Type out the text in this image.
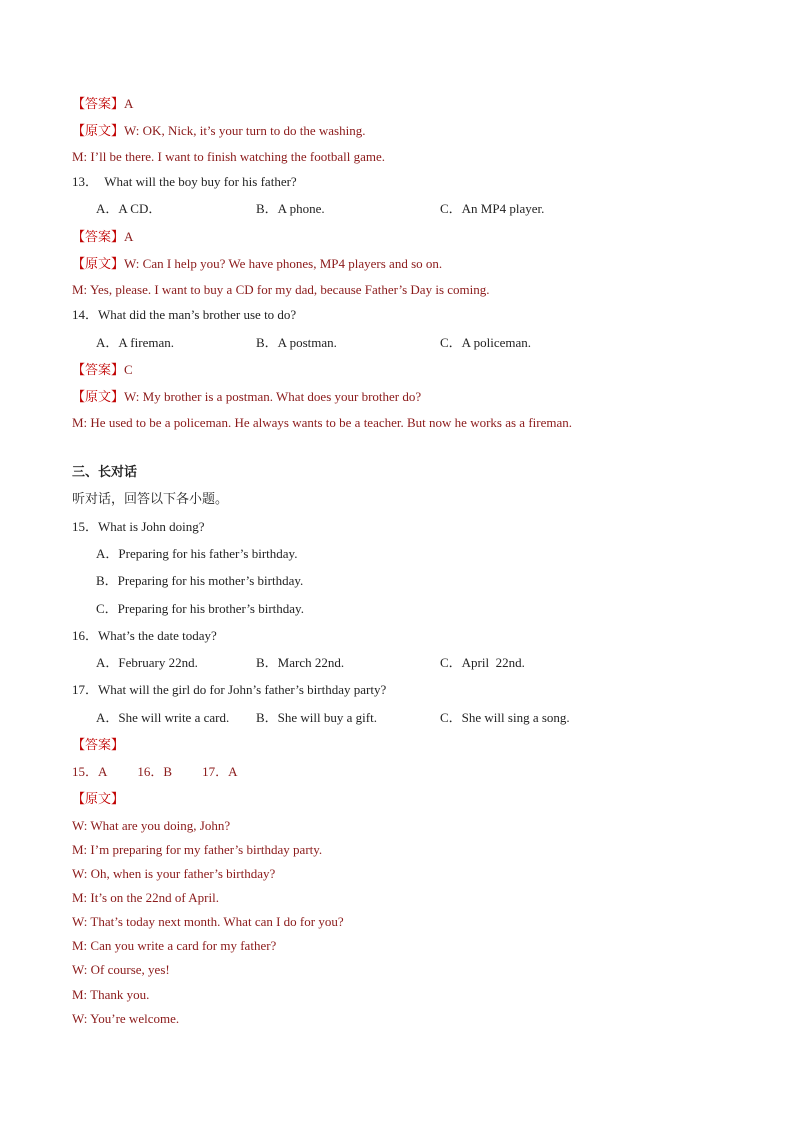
【答案】A
【原文】W: OK, Nick, it’s your turn to do the washing.
M: I’ll be there. I want to finish watching the football game.
13．  What will the boy buy for his father?
A．A CD．	B．A phone.	C．An MP4 player.
【答案】A
【原文】W: Can I help you? We have phones, MP4 players and so on.
M: Yes, please. I want to buy a CD for my dad, because Father’s Day is coming.
14．What did the man’s brother use to do?
A．A fireman.	B．A postman.	C．A policeman.
【答案】C
【原文】W: My brother is a postman. What does your brother do?
M: He used to be a policeman. He always wants to be a teacher. But now he works as a fireman.
三、长对话
听对话，回答以下各小题。
15．What is John doing?
A．Preparing for his father’s birthday.
B．Preparing for his mother’s birthday.
C．Preparing for his brother’s birthday.
16．What’s the date today?
A．February 22nd.	B．March 22nd.	C．April  22nd.
17．What will the girl do for John’s father’s birthday party?
A．She will write a card. B．She will buy a gift.	C．She will sing a song.
【答案】
15．A 16．B 17．A
【原文】
W: What are you doing, John?
M: I’m preparing for my father’s birthday party.
W: Oh, when is your father’s birthday?
M: It’s on the 22nd of April.
W: That’s today next month. What can I do for you?
M: Can you write a card for my father?
W: Of course, yes!
M: Thank you.
W: You’re welcome.
